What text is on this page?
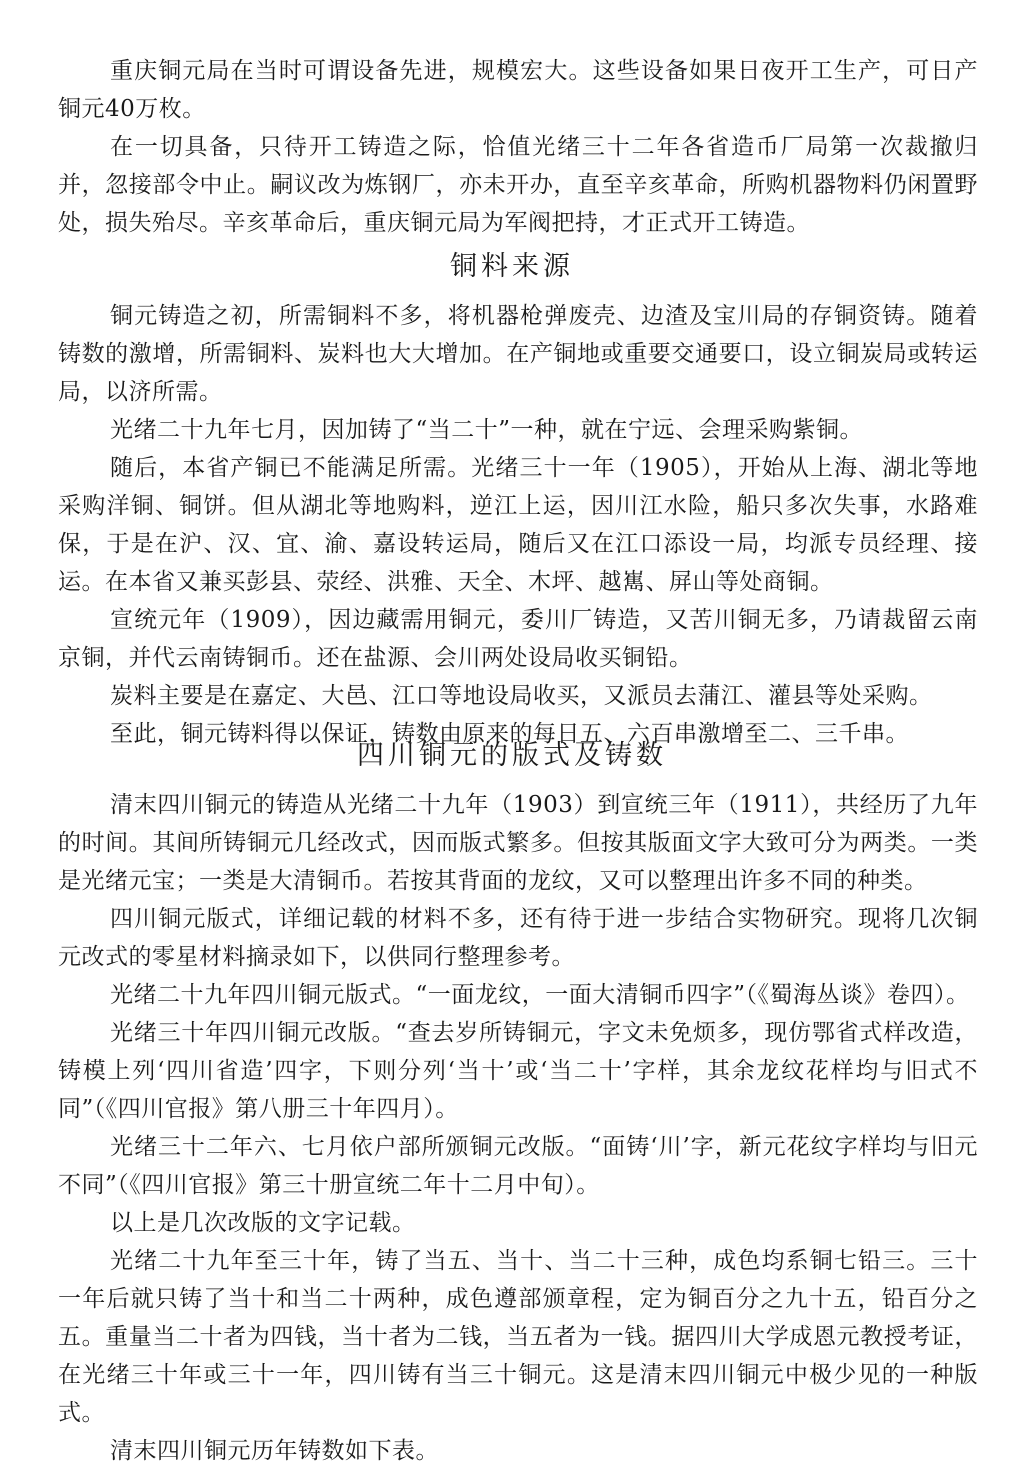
重庆铜元局在当时可谓设备先进，规模宏大。这些设备如果日夜开工生产，可日产铜元40万枚。

在一切具备，只待开工铸造之际，恰值光绪三十二年各省造币厂局第一次裁撤归并，忽接部令中止。嗣议改为炼钢厂，亦未开办，直至辛亥革命，所购机器物料仍闲置野处，损失殆尽。辛亥革命后，重庆铜元局为军阀把持，才正式开工铸造。

铜料来源

铜元铸造之初，所需铜料不多，将机器枪弹废壳、边渣及宝川局的存铜资铸。随着铸数的激增，所需铜料、炭料也大大增加。在产铜地或重要交通要口，设立铜炭局或转运局，以济所需。

光绪二十九年七月，因加铸了“当二十”一种，就在宁远、会理采购紫铜。

随后，本省产铜已不能满足所需。光绪三十一年（1905），开始从上海、湖北等地采购洋铜、铜饼。但从湖北等地购料，逆江上运，因川江水险，船只多次失事，水路难保，于是在沪、汉、宜、渝、嘉设转运局，随后又在江口添设一局，均派专员经理、接运。在本省又兼买彭县、荥经、洪雅、天全、木坪、越嶲、屏山等处商铜。

宣统元年（1909），因边藏需用铜元，委川厂铸造，又苦川铜无多，乃请裁留云南京铜，并代云南铸铜币。还在盐源、会川两处设局收买铜铅。

炭料主要是在嘉定、大邑、江口等地设局收买，又派员去蒲江、灌县等处采购。

至此，铜元铸料得以保证，铸数由原来的每日五、六百串激增至二、三千串。

四川铜元的版式及铸数

清末四川铜元的铸造从光绪二十九年（1903）到宣统三年（1911），共经历了九年的时间。其间所铸铜元几经改式，因而版式繁多。但按其版面文字大致可分为两类。一类是光绪元宝；一类是大清铜币。若按其背面的龙纹，又可以整理出许多不同的种类。

四川铜元版式，详细记载的材料不多，还有待于进一步结合实物研究。现将几次铜元改式的零星材料摘录如下，以供同行整理参考。

光绪二十九年四川铜元版式。“一面龙纹，一面大清铜币四字”（《蜀海丛谈》卷四）。

光绪三十年四川铜元改版。“查去岁所铸铜元，字文未免烦多，现仿鄂省式样改造，铸模上列‘四川省造’四字，下则分列‘当十’或‘当二十’字样，其余龙纹花样均与旧式不同”（《四川官报》第八册三十年四月）。

光绪三十二年六、七月依户部所颁铜元改版。“面铸‘川’字，新元花纹字样均与旧元不同”（《四川官报》第三十册宣统二年十二月中旬）。

以上是几次改版的文字记载。

光绪二十九年至三十年，铸了当五、当十、当二十三种，成色均系铜七铅三。三十一年后就只铸了当十和当二十两种，成色遵部颁章程，定为铜百分之九十五，铅百分之五。重量当二十者为四钱，当十者为二钱，当五者为一钱。据四川大学成恩元教授考证，在光绪三十年或三十一年，四川铸有当三十铜元。这是清末四川铜元中极少见的一种版式。

清末四川铜元历年铸数如下表。
